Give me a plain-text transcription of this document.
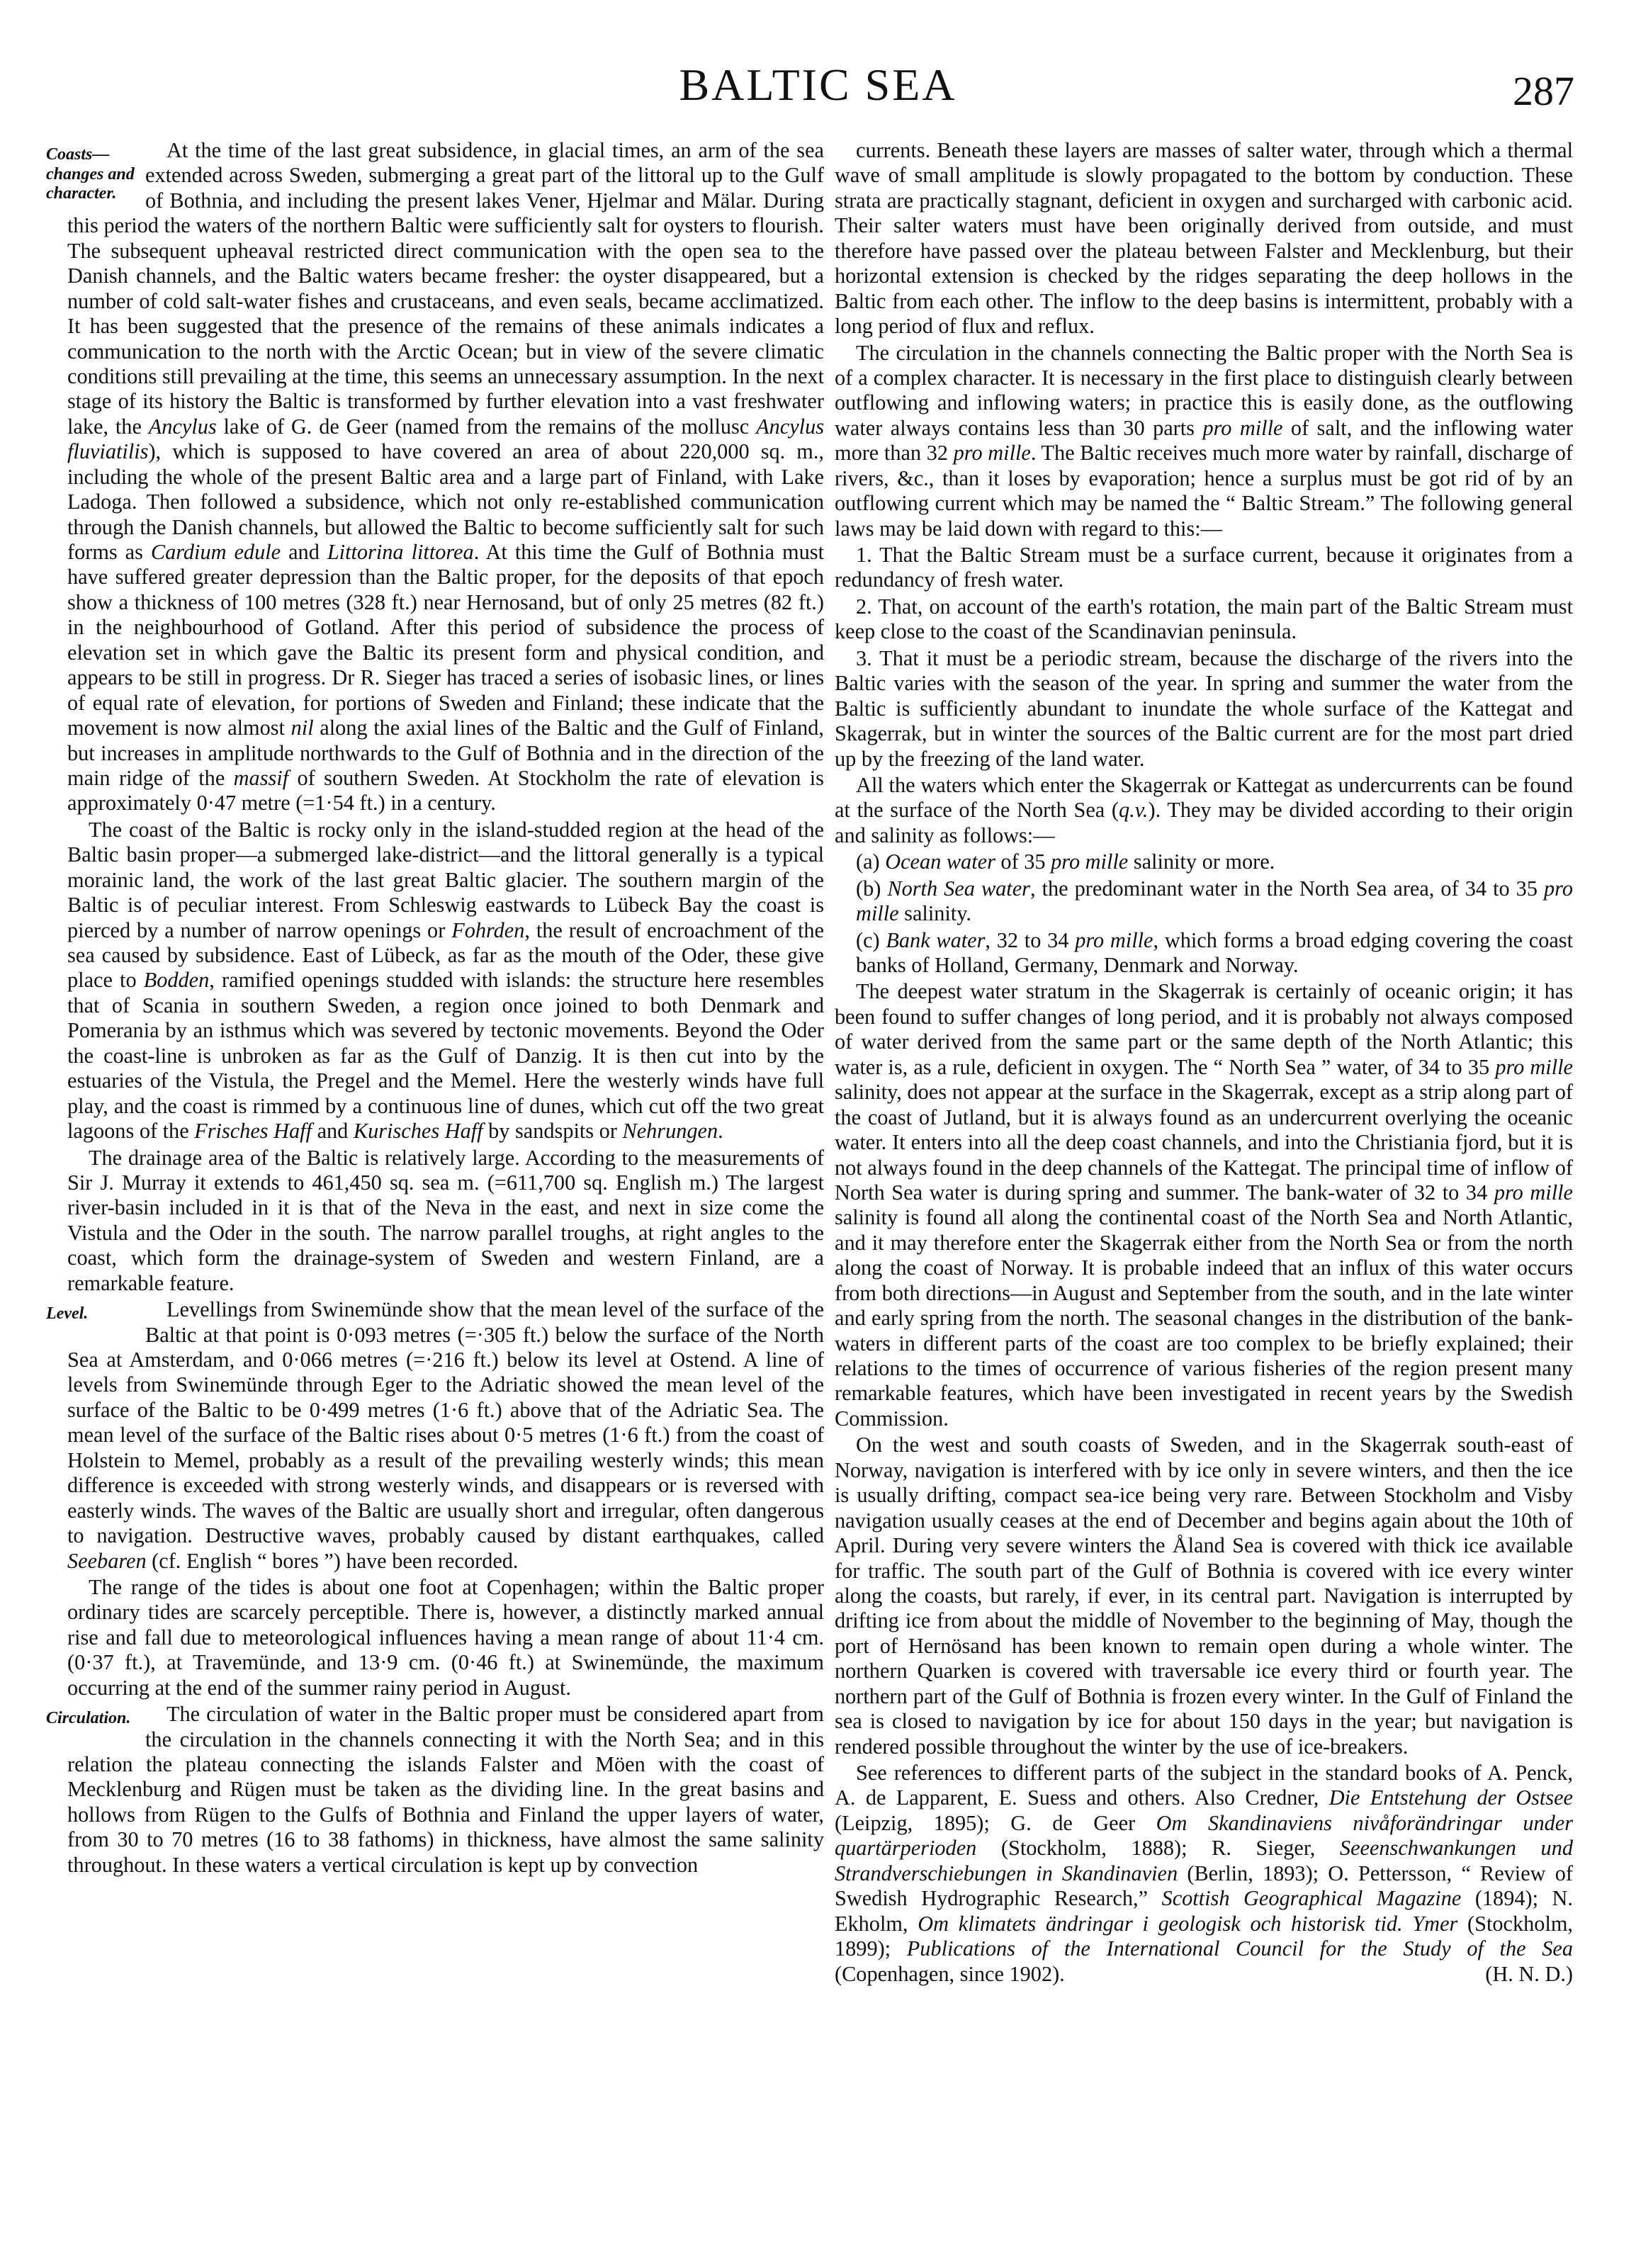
BALTIC SEA	287

Coasts— changes and character.
At the time of the last great subsidence, in glacial times, an arm of the sea extended across Sweden, submerging a great part of the littoral up to the Gulf of Bothnia, and including the present lakes Vener, Hjelmar and Mälar. During this period the waters of the northern Baltic were sufficiently salt for oysters to flourish. The subsequent upheaval restricted direct communication with the open sea to the Danish channels, and the Baltic waters became fresher: the oyster disappeared, but a number of cold salt-water fishes and crustaceans, and even seals, became acclimatized. It has been suggested that the presence of the remains of these animals indicates a communication to the north with the Arctic Ocean; but in view of the severe climatic conditions still prevailing at the time, this seems an unnecessary assumption. In the next stage of its history the Baltic is transformed by further elevation into a vast freshwater lake, the Ancylus lake of G. de Geer (named from the remains of the mollusc Ancylus fluviatilis), which is supposed to have covered an area of about 220,000 sq. m., including the whole of the present Baltic area and a large part of Finland, with Lake Ladoga. Then followed a subsidence, which not only re-established communication through the Danish channels, but allowed the Baltic to become sufficiently salt for such forms as Cardium edule and Littorina littorea. At this time the Gulf of Bothnia must have suffered greater depression than the Baltic proper, for the deposits of that epoch show a thickness of 100 metres (328 ft.) near Hernosand, but of only 25 metres (82 ft.) in the neighbourhood of Gotland. After this period of subsidence the process of elevation set in which gave the Baltic its present form and physical condition, and appears to be still in progress. Dr R. Sieger has traced a series of isobasic lines, or lines of equal rate of elevation, for portions of Sweden and Finland; these indicate that the movement is now almost nil along the axial lines of the Baltic and the Gulf of Finland, but increases in amplitude northwards to the Gulf of Bothnia and in the direction of the main ridge of the massif of southern Sweden. At Stockholm the rate of elevation is approximately 0·47 metre (=1·54 ft.) in a century.

The coast of the Baltic is rocky only in the island-studded region at the head of the Baltic basin proper—a submerged lake-district—and the littoral generally is a typical morainic land, the work of the last great Baltic glacier. The southern margin of the Baltic is of peculiar interest. From Schleswig eastwards to Lübeck Bay the coast is pierced by a number of narrow openings or Fohrden, the result of encroachment of the sea caused by subsidence. East of Lübeck, as far as the mouth of the Oder, these give place to Bodden, ramified openings studded with islands: the structure here resembles that of Scania in southern Sweden, a region once joined to both Denmark and Pomerania by an isthmus which was severed by tectonic movements. Beyond the Oder the coast-line is unbroken as far as the Gulf of Danzig. It is then cut into by the estuaries of the Vistula, the Pregel and the Memel. Here the westerly winds have full play, and the coast is rimmed by a continuous line of dunes, which cut off the two great lagoons of the Frisches Haff and Kurisches Haff by sandspits or Nehrungen.

The drainage area of the Baltic is relatively large. According to the measurements of Sir J. Murray it extends to 461,450 sq. sea m. (=611,700 sq. English m.) The largest river-basin included in it is that of the Neva in the east, and next in size come the Vistula and the Oder in the south. The narrow parallel troughs, at right angles to the coast, which form the drainage-system of Sweden and western Finland, are a remarkable feature.

Level.	Levellings from Swinemünde show that the mean level of the surface of the Baltic at that point is 0·093 metres (=·305 ft.) below the surface of the North Sea at Amsterdam, and 0·066 metres (=·216 ft.) below its level at Ostend. A line of levels from Swinemünde through Eger to the Adriatic showed the mean level of the surface of the Baltic to be 0·499 metres (1·6 ft.) above that of the Adriatic Sea. The mean level of the surface of the Baltic rises about 0·5 metres (1·6 ft.) from the coast of Holstein to Memel, probably as a result of the prevailing westerly winds; this mean difference is exceeded with strong westerly winds, and disappears or is reversed with easterly winds. The waves of the Baltic are usually short and irregular, often dangerous to navigation. Destructive waves, probably caused by distant earthquakes, called Seebaren (cf. English “ bores ”) have been recorded.

The range of the tides is about one foot at Copenhagen; within the Baltic proper ordinary tides are scarcely perceptible. There is, however, a distinctly marked annual rise and fall due to meteorological influences having a mean range of about 11·4 cm. (0·37 ft.), at Travemünde, and 13·9 cm. (0·46 ft.) at Swinemünde, the maximum occurring at the end of the summer rainy period in August.

Circulation.	The circulation of water in the Baltic proper must be considered apart from the circulation in the channels connecting it with the North Sea; and in this relation the plateau connecting the islands Falster and Möen with the coast of Mecklenburg and Rügen must be taken as the dividing line. In the great basins and hollows from Rügen to the Gulfs of Bothnia and Finland the upper layers of water, from 30 to 70 metres (16 to 38 fathoms) in thickness, have almost the same salinity throughout. In these waters a vertical circulation is kept up by convection

currents. Beneath these layers are masses of salter water, through which a thermal wave of small amplitude is slowly propagated to the bottom by conduction. These strata are practically stagnant, deficient in oxygen and surcharged with carbonic acid. Their salter waters must have been originally derived from outside, and must therefore have passed over the plateau between Falster and Mecklenburg, but their horizontal extension is checked by the ridges separating the deep hollows in the Baltic from each other. The inflow to the deep basins is intermittent, probably with a long period of flux and reflux.

The circulation in the channels connecting the Baltic proper with the North Sea is of a complex character. It is necessary in the first place to distinguish clearly between outflowing and inflowing waters; in practice this is easily done, as the outflowing water always contains less than 30 parts pro mille of salt, and the inflowing water more than 32 pro mille. The Baltic receives much more water by rainfall, discharge of rivers, &c., than it loses by evaporation; hence a surplus must be got rid of by an outflowing current which may be named the “ Baltic Stream.” The following general laws may be laid down with regard to this:—

1. That the Baltic Stream must be a surface current, because it originates from a redundancy of fresh water.

2. That, on account of the earth's rotation, the main part of the Baltic Stream must keep close to the coast of the Scandinavian peninsula.

3. That it must be a periodic stream, because the discharge of the rivers into the Baltic varies with the season of the year. In spring and summer the water from the Baltic is sufficiently abundant to inundate the whole surface of the Kattegat and Skagerrak, but in winter the sources of the Baltic current are for the most part dried up by the freezing of the land water.

All the waters which enter the Skagerrak or Kattegat as undercurrents can be found at the surface of the North Sea (q.v.). They may be divided according to their origin and salinity as follows:—

(a) Ocean water of 35 pro mille salinity or more.

(b) North Sea water, the predominant water in the North Sea area, of 34 to 35 pro mille salinity.

(c) Bank water, 32 to 34 pro mille, which forms a broad edging covering the coast banks of Holland, Germany, Denmark and Norway.

The deepest water stratum in the Skagerrak is certainly of oceanic origin; it has been found to suffer changes of long period, and it is probably not always composed of water derived from the same part or the same depth of the North Atlantic; this water is, as a rule, deficient in oxygen. The “ North Sea ” water, of 34 to 35 pro mille salinity, does not appear at the surface in the Skagerrak, except as a strip along part of the coast of Jutland, but it is always found as an undercurrent overlying the oceanic water. It enters into all the deep coast channels, and into the Christiania fjord, but it is not always found in the deep channels of the Kattegat. The principal time of inflow of North Sea water is during spring and summer. The bank-water of 32 to 34 pro mille salinity is found all along the continental coast of the North Sea and North Atlantic, and it may therefore enter the Skagerrak either from the North Sea or from the north along the coast of Norway. It is probable indeed that an influx of this water occurs from both directions—in August and September from the south, and in the late winter and early spring from the north. The seasonal changes in the distribution of the bank-waters in different parts of the coast are too complex to be briefly explained; their relations to the times of occurrence of various fisheries of the region present many remarkable features, which have been investigated in recent years by the Swedish Commission.

On the west and south coasts of Sweden, and in the Skagerrak south-east of Norway, navigation is interfered with by ice only in severe winters, and then the ice is usually drifting, compact sea-ice being very rare. Between Stockholm and Visby navigation usually ceases at the end of December and begins again about the 10th of April. During very severe winters the Åland Sea is covered with thick ice available for traffic. The south part of the Gulf of Bothnia is covered with ice every winter along the coasts, but rarely, if ever, in its central part. Navigation is interrupted by drifting ice from about the middle of November to the beginning of May, though the port of Hernösand has been known to remain open during a whole winter. The northern Quarken is covered with traversable ice every third or fourth year. The northern part of the Gulf of Bothnia is frozen every winter. In the Gulf of Finland the sea is closed to navigation by ice for about 150 days in the year; but navigation is rendered possible throughout the winter by the use of ice-breakers.

See references to different parts of the subject in the standard books of A. Penck, A. de Lapparent, E. Suess and others. Also Credner, Die Entstehung der Ostsee (Leipzig, 1895); G. de Geer Om Skandinaviens nivåforändringar under quartärperioden (Stockholm, 1888); R. Sieger, Seeenschwankungen und Strandverschiebungen in Skandinavien (Berlin, 1893); O. Pettersson, “ Review of Swedish Hydrographic Research,” Scottish Geographical Magazine (1894); N. Ekholm, Om klimatets ändringar i geologisk och historisk tid. Ymer (Stockholm, 1899); Publications of the International Council for the Study of the Sea (Copenhagen, since 1902).	(H. N. D.)
